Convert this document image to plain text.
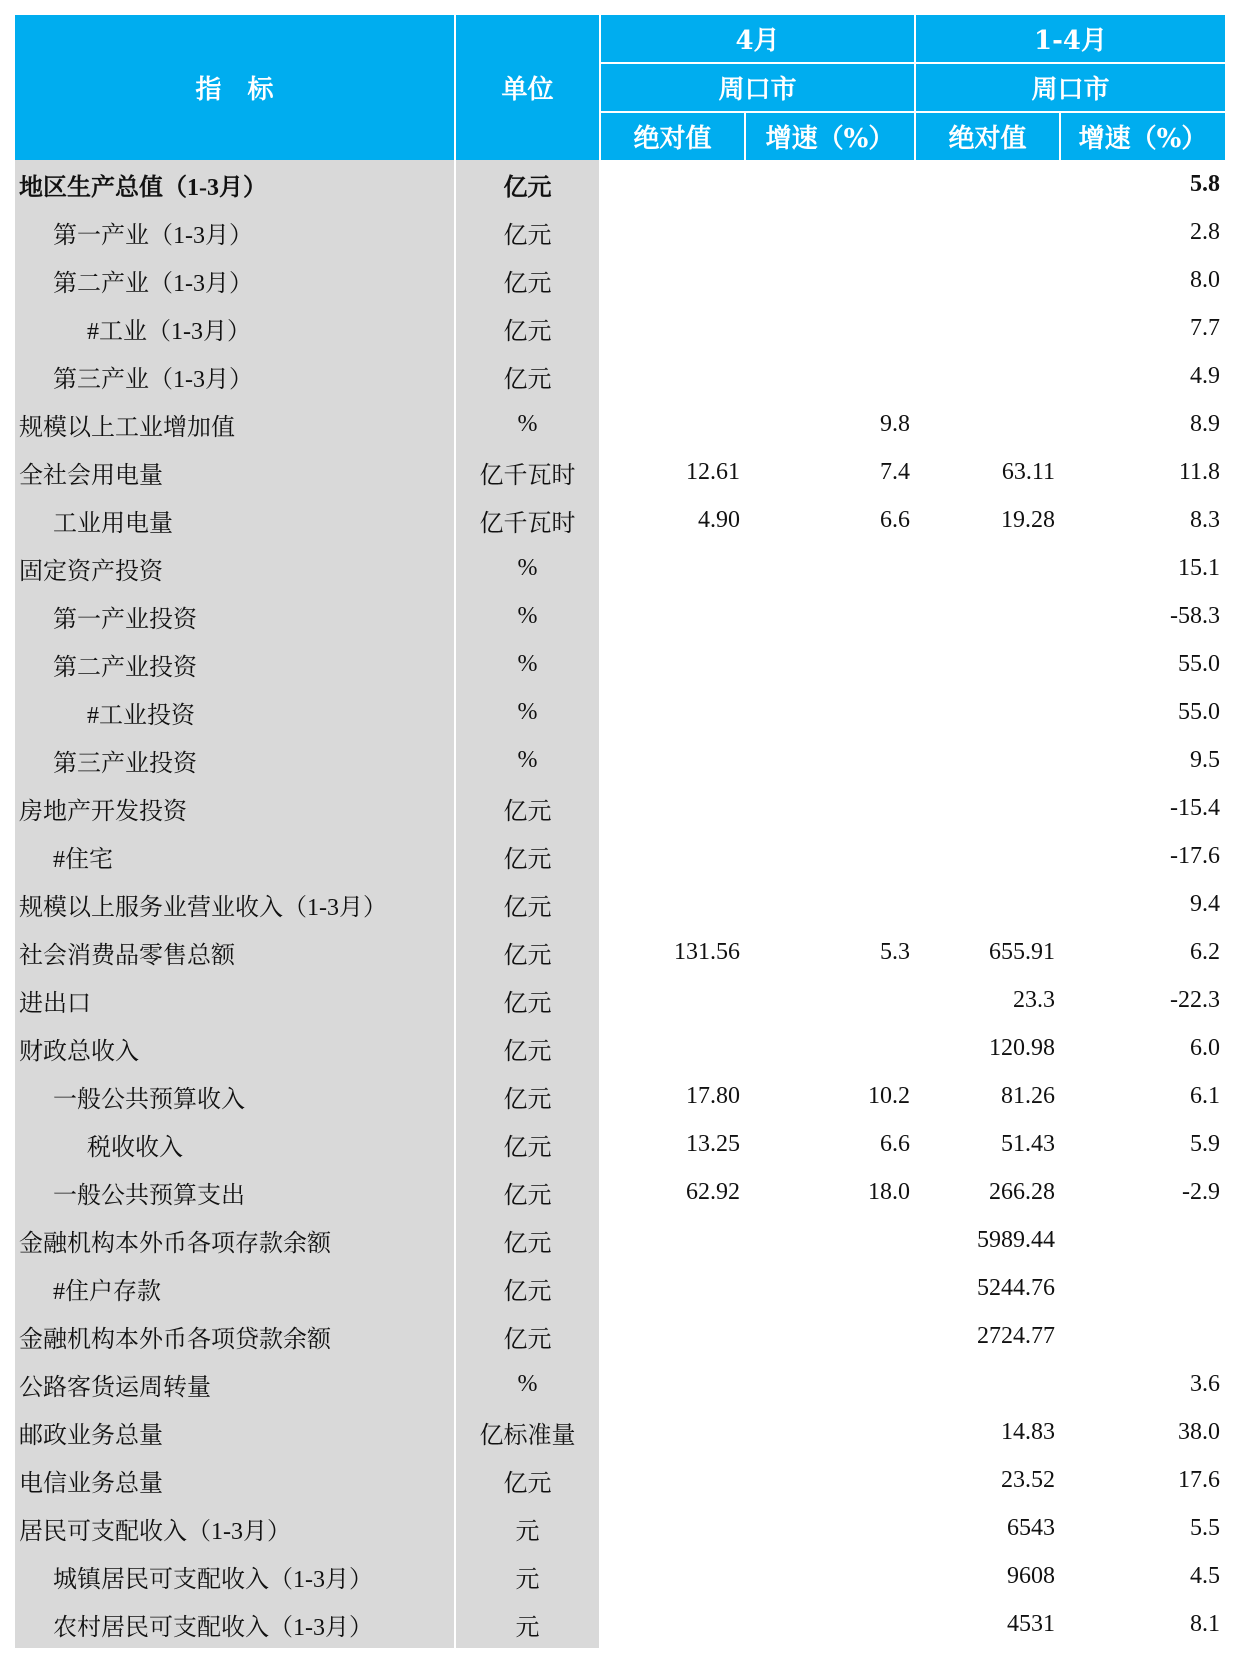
指　标	单位	4月		1-4月	
		周口市		周口市	
		绝对值	增速（%）	绝对值	增速（%）
地区生产总值（1-3月）	亿元				5.8
第一产业（1-3月）	亿元				2.8
第二产业（1-3月）	亿元				8.0
#工业（1-3月）	亿元				7.7
第三产业（1-3月）	亿元				4.9
规模以上工业增加值	%		9.8		8.9
全社会用电量	亿千瓦时	12.61	7.4	63.11	11.8
工业用电量	亿千瓦时	4.90	6.6	19.28	8.3
固定资产投资	%				15.1
第一产业投资	%				-58.3
第二产业投资	%				55.0
#工业投资	%				55.0
第三产业投资	%				9.5
房地产开发投资	亿元				-15.4
#住宅	亿元				-17.6
规模以上服务业营业收入（1-3月）	亿元				9.4
社会消费品零售总额	亿元	131.56	5.3	655.91	6.2
进出口	亿元			23.3	-22.3
财政总收入	亿元			120.98	6.0
一般公共预算收入	亿元	17.80	10.2	81.26	6.1
税收收入	亿元	13.25	6.6	51.43	5.9
一般公共预算支出	亿元	62.92	18.0	266.28	-2.9
金融机构本外币各项存款余额	亿元			5989.44	
#住户存款	亿元			5244.76	
金融机构本外币各项贷款余额	亿元			2724.77	
公路客货运周转量	%				3.6
邮政业务总量	亿标准量			14.83	38.0
电信业务总量	亿元			23.52	17.6
居民可支配收入（1-3月）	元			6543	5.5
城镇居民可支配收入（1-3月）	元			9608	4.5
农村居民可支配收入（1-3月）	元			4531	8.1
